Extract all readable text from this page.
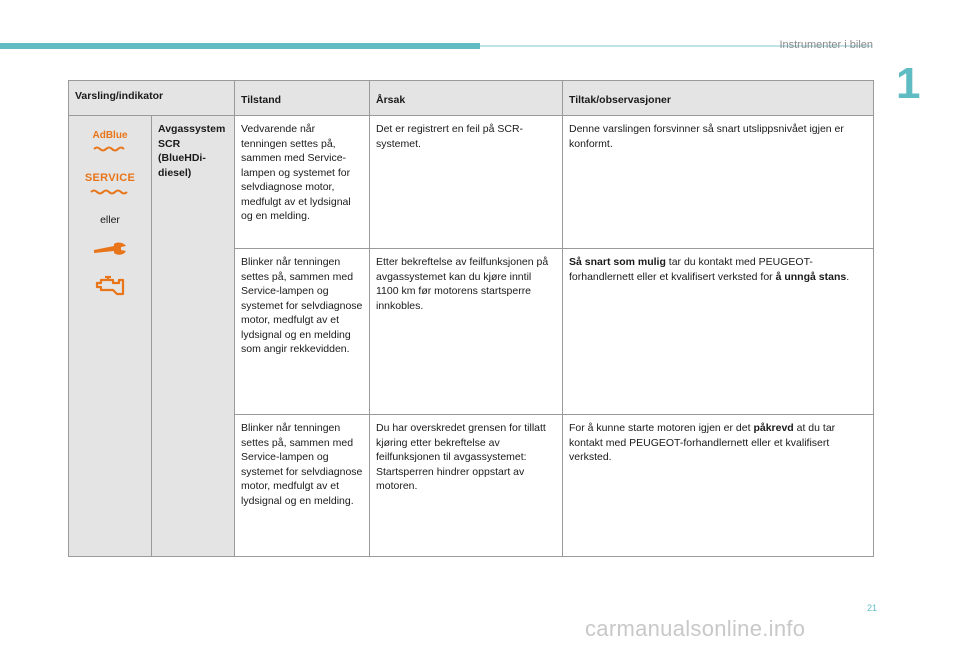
Instrumenter i bilen
1
Varsling/indikator		Tilstand	Årsak	Tiltak/observasjoner

AdBlue
SERVICE
eller	Avgassystem SCR (BlueHDi-diesel)	Vedvarende når tenningen settes på, sammen med Service-lampen og systemet for selvdiagnose motor, medfulgt av et lydsignal og en melding.	Det er registrert en feil på SCR-systemet.	Denne varslingen forsvinner så snart utslippsnivået igjen er konformt.
		Blinker når tenningen settes på, sammen med Service-lampen og systemet for selvdiagnose motor, medfulgt av et lydsignal og en melding som angir rekkevidden.	Etter bekreftelse av feilfunksjonen på avgassystemet kan du kjøre inntil 1100 km før motorens startsperre innkobles.	Så snart som mulig tar du kontakt med PEUGEOT-forhandlernett eller et kvalifisert verksted for å unngå stans.
		Blinker når tenningen settes på, sammen med Service-lampen og systemet for selvdiagnose motor, medfulgt av et lydsignal og en melding.	Du har overskredet grensen for tillatt kjøring etter bekreftelse av feilfunksjonen til avgassystemet: Startsperren hindrer oppstart av motoren.	For å kunne starte motoren igjen er det påkrevd at du tar kontakt med PEUGEOT-forhandlernett eller et kvalifisert verksted.
21
carmanualsonline.info
